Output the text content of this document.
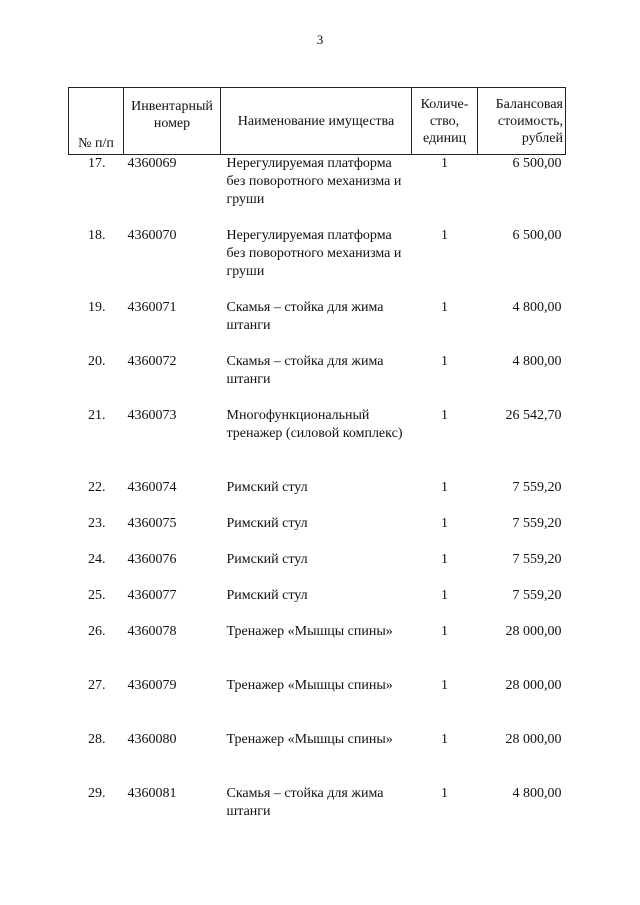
3
№ п/п	Инвентарный номер	Наименование имущества	Количе-ство, единиц	Балансовая стоимость, рублей
17.	4360069	Нерегулируемая платформа без поворотного механизма и груши	1	6 500,00
18.	4360070	Нерегулируемая платформа без поворотного механизма и груши	1	6 500,00
19.	4360071	Скамья – стойка для жима штанги	1	4 800,00
20.	4360072	Скамья – стойка для жима штанги	1	4 800,00
21.	4360073	Многофункциональный тренажер (силовой комплекс)	1	26 542,70
22.	4360074	Римский стул	1	7 559,20
23.	4360075	Римский стул	1	7 559,20
24.	4360076	Римский стул	1	7 559,20
25.	4360077	Римский стул	1	7 559,20
26.	4360078	Тренажер «Мышцы спины»	1	28 000,00
27.	4360079	Тренажер «Мышцы спины»	1	28 000,00
28.	4360080	Тренажер «Мышцы спины»	1	28 000,00
29.	4360081	Скамья – стойка для жима штанги	1	4 800,00
